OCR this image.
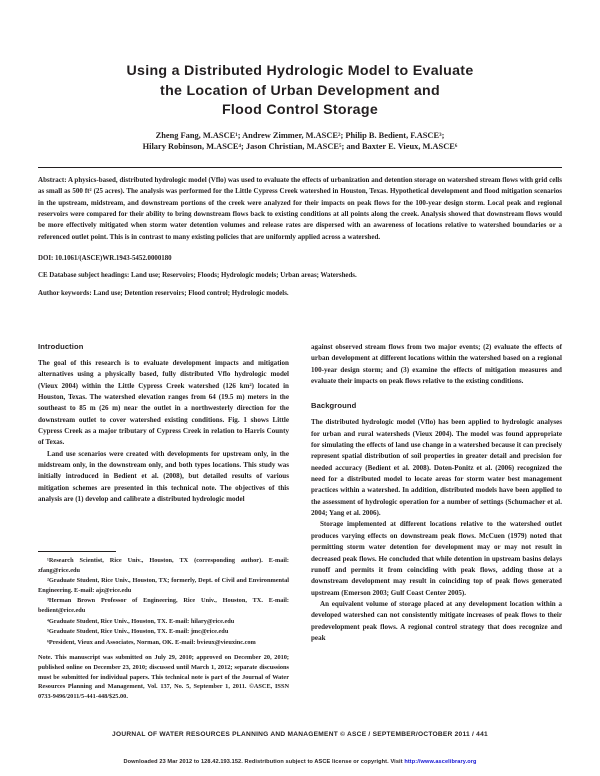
Using a Distributed Hydrologic Model to Evaluate
the Location of Urban Development and
Flood Control Storage
Zheng Fang, M.ASCE¹; Andrew Zimmer, M.ASCE²; Philip B. Bedient, F.ASCE³;
Hilary Robinson, M.ASCE⁴; Jason Christian, M.ASCE⁵; and Baxter E. Vieux, M.ASCE⁶
Abstract: A physics-based, distributed hydrologic model (Vflo) was used to evaluate the effects of urbanization and detention storage on watershed stream flows with grid cells as small as 500 ft² (25 acres). The analysis was performed for the Little Cypress Creek watershed in Houston, Texas. Hypothetical development and flood mitigation scenarios in the upstream, midstream, and downstream portions of the creek were analyzed for their impacts on peak flows for the 100-year design storm. Local peak and regional reservoirs were compared for their ability to bring downstream flows back to existing conditions at all points along the creek. Analysis showed that downstream flows would be more effectively mitigated when storm water detention volumes and release rates are dispersed with an awareness of locations relative to watershed boundaries or a referenced outlet point. This is in contrast to many existing policies that are uniformly applied across a watershed.
DOI: 10.1061/(ASCE)WR.1943-5452.0000180
CE Database subject headings: Land use; Reservoirs; Floods; Hydrologic models; Urban areas; Watersheds.
Author keywords: Land use; Detention reservoirs; Flood control; Hydrologic models.
Introduction

The goal of this research is to evaluate development impacts and mitigation alternatives using a physically based, fully distributed Vflo hydrologic model (Vieux 2004) within the Little Cypress Creek watershed (126 km²) located in Houston, Texas. The watershed elevation ranges from 64 (19.5 m) meters in the southeast to 85 m (26 m) near the outlet in a northwesterly direction for the downstream outlet to cover watershed existing conditions. Fig. 1 shows Little Cypress Creek as a major tributary of Cypress Creek in relation to Harris County of Texas.

Land use scenarios were created with developments for upstream only, in the midstream only, in the downstream only, and both types locations. This study was initially introduced in Bedient et al. (2008), but detailed results of various mitigation schemes are presented in this technical note. The objectives of this analysis are (1) develop and calibrate a distributed hydrologic model

against observed stream flows from two major events; (2) evaluate the effects of urban development at different locations within the watershed based on a regional 100-year design storm; and (3) examine the effects of mitigation measures and evaluate their impacts on peak flows relative to the existing conditions.

Background

The distributed hydrologic model (Vflo) has been applied to hydrologic analyses for urban and rural watersheds (Vieux 2004). The model was found appropriate for simulating the effects of land use change in a watershed because it can precisely represent spatial distribution of soil properties in greater detail and precision for needed accuracy (Bedient et al. 2008). Doten-Ponitz et al. (2006) recognized the need for a distributed model to locate areas for storm water best management practices within a watershed. In addition, distributed models have been applied to the assessment of hydrologic operation for a number of settings (Schumacher et al. 2004; Yang et al. 2006).

Storage implemented at different locations relative to the watershed outlet produces varying effects on downstream peak flows. McCuen (1979) noted that permitting storm water detention for development may or may not result in decreased peak flows. He concluded that while detention in upstream basins delays runoff and permits it from coinciding with peak flows, adding those at a downstream development may result in coinciding top of peak flows generated upstream (Emerson 2003; Gulf Coast Center 2005).

An equivalent volume of storage placed at any development location within a developed watershed can not consistently mitigate increases of peak flows to their predevelopment peak flows. A regional control strategy that does recognize and peak

¹Research Scientist, Rice Univ., Houston, TX (corresponding author). E-mail: zfang@rice.edu

²Graduate Student, Rice Univ., Houston, TX; formerly, Dept. of Civil and Environmental Engineering. E-mail: ajz@rice.edu

³Herman Brown Professor of Engineering, Rice Univ., Houston, TX. E-mail: bedient@rice.edu

⁴Graduate Student, Rice Univ., Houston, TX. E-mail: hilary@rice.edu

⁵Graduate Student, Rice Univ., Houston, TX. E-mail: jmc@rice.edu

⁶President, Vieux and Associates, Norman, OK. E-mail: bvieux@vieuxinc.com

Note. This manuscript was submitted on July 29, 2010; approved on December 20, 2010; published online on December 23, 2010; discussed until March 1, 2012; separate discussions must be submitted for individual papers. This technical note is part of the Journal of Water Resources Planning and Management, Vol. 137, No. 5, September 1, 2011. ©ASCE, ISSN 0733-9496/2011/5-441-448/$25.00.

JOURNAL OF WATER RESOURCES PLANNING AND MANAGEMENT © ASCE / SEPTEMBER/OCTOBER 2011 / 441
Downloaded 23 Mar 2012 to 128.42.193.152. Redistribution subject to ASCE license or copyright. Visit http://www.ascelibrary.org
